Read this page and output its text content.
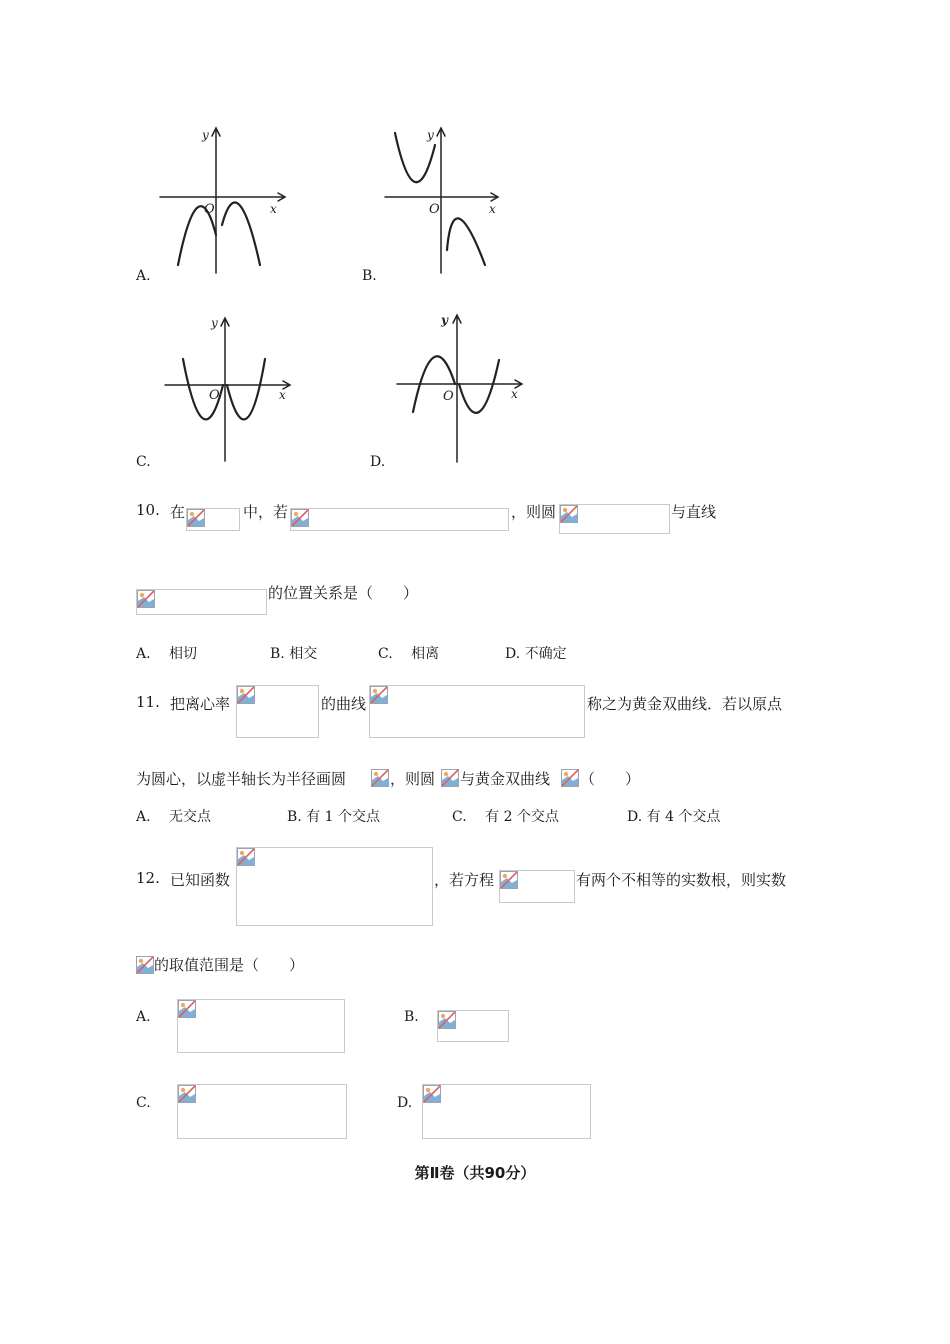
y
x
O
A.
y
x
O
B.
y
x
O
C.
y
x
O
D.
10. 在	中，若	，则圆	与直线
的位置关系是（　　）
A.　 相切	B. 相交	C.　 相离	D. 不确定
11. 把离心率	的曲线	称之为黄金双曲线．若以原点
为圆心，以虚半轴长为半径画圆	，则圆 与黄金双曲线 （　　）
A.　 无交点	B. 有 1 个交点	C.　 有 2 个交点	D. 有 4 个交点
12. 已知函数	，若方程	有两个不相等的实数根，则实数
的取值范围是（　　）
A.	B.
C.	D.
第Ⅱ卷（共90分）
